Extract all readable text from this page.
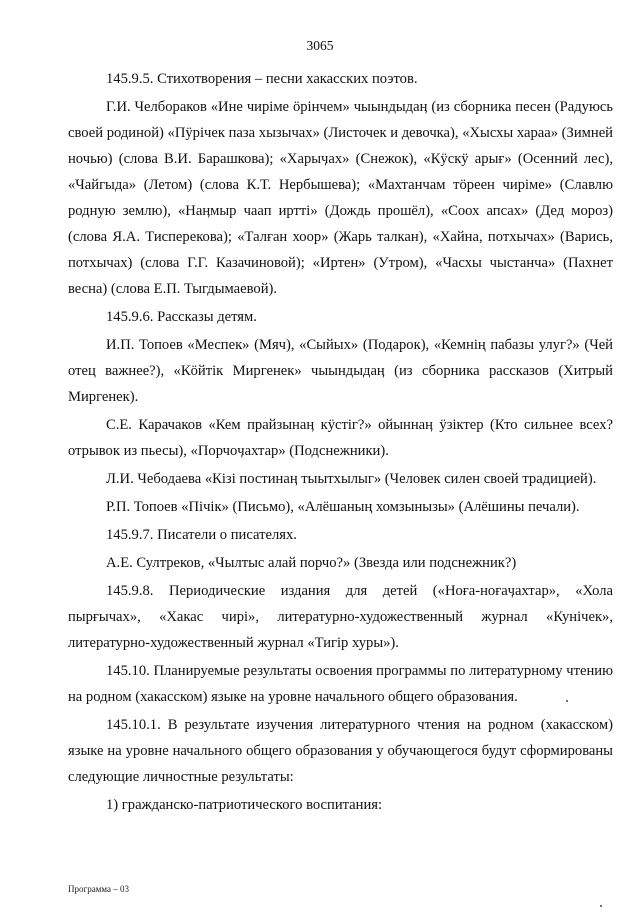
3065

145.9.5. Стихотворения – песни хакасских поэтов.

Г.И. Челбораков «Ине чиріме öрінчем» чыындыдаӊ (из сборника песен (Радуюсь своей родиной) «Пÿрічек паза хызычах» (Листочек и девочка), «Хысхы хараа» (Зимней ночью) (слова В.И. Барашкова); «Харыӌах» (Снежок), «Кÿскÿ арығ» (Осенний лес), «Чайгыда» (Летом) (слова К.Т. Нербышева); «Махтанчам тöреен чиріме» (Славлю родную землю), «Наӊмыр чаап иртті» (Дождь прошёл), «Соох апсах» (Дед мороз) (слова Я.А. Тисперекова); «Талған хоор» (Жарь талкан), «Хайна, потхычах» (Варись, потхычах) (слова Г.Г. Казачиновой); «Иртен» (Утром), «Часхы чыстанча» (Пахнет весна) (слова Е.П. Тыгдымаевой).

145.9.6. Рассказы детям.

И.П. Топоев «Меспек» (Мяч), «Сыйых» (Подарок), «Кемнің пабазы улуг?» (Чей отец важнее?), «Кöйтік Миргенек» чыындыдаӊ (из сборника рассказов (Хитрый Миргенек).

С.Е. Карачаков «Кем прайзынаӊ кÿстіг?» ойыннаӊ ӱзіктер (Кто сильнее всех? отрывок из пьесы), «Порчоӌахтар» (Подснежники).

Л.И. Чебодаева «Кізі постинаӊ тыытхылыг» (Человек силен своей традицией).

Р.П. Топоев «Пічік» (Письмо), «Алёшаның хомзынызы» (Алёшины печали).

145.9.7. Писатели о писателях.

А.Е. Султреков, «Чылтыс алай порчо?» (Звезда или подснежник?)

145.9.8. Периодические издания для детей («Ноға-ноғаӌахтар», «Хола пырғычах», «Хакас чирі», литературно-художественный журнал «Кунічек», литературно-художественный журнал «Тигір хуры»).

145.10. Планируемые результаты освоения программы по литературному чтению на родном (хакасском) языке на уровне начального общего образования.

145.10.1. В результате изучения литературного чтения на родном (хакасском) языке на уровне начального общего образования у обучающегося будут сформированы следующие личностные результаты:

1) гражданско-патриотического воспитания:

Программа – 03
